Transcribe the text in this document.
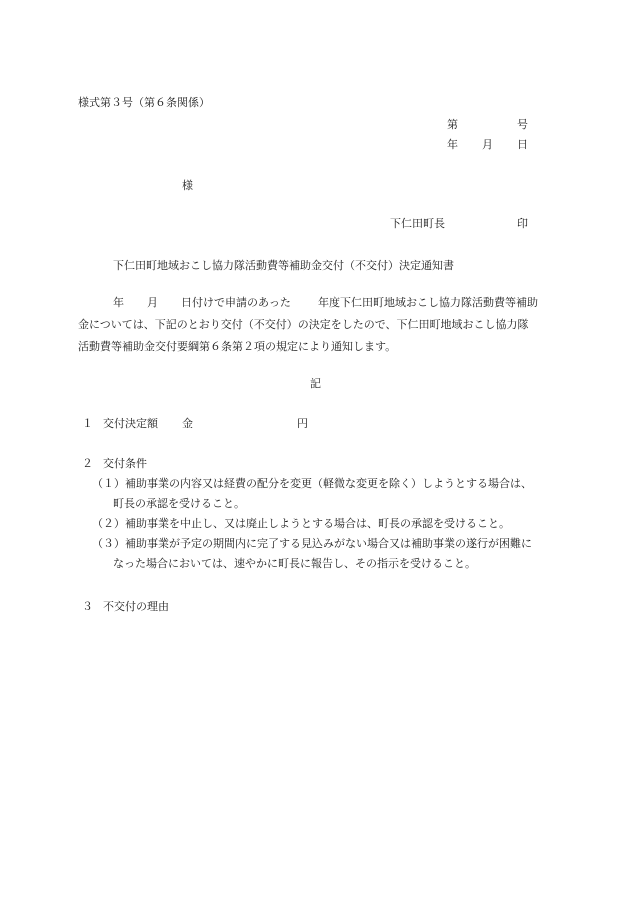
様式第３号（第６条関係）
第	号
年 月 日
様
下仁田町長	印
下仁田町地域おこし協力隊活動費等補助金交付（不交付）決定通知書
年 月 日付けで申請のあった 年度下仁田町地域おこし協力隊活動費等補助
金については、下記のとおり交付（不交付）の決定をしたので、下仁田町地域おこし協力隊
活動費等補助金交付要綱第６条第２項の規定により通知します。
記
１ 交付決定額 金	円
２ 交付条件
（１）補助事業の内容又は経費の配分を変更（軽微な変更を除く）しようとする場合は、
町長の承認を受けること。
（２）補助事業を中止し、又は廃止しようとする場合は、町長の承認を受けること。
（３）補助事業が予定の期間内に完了する見込みがない場合又は補助事業の遂行が困難に
なった場合においては、速やかに町長に報告し、その指示を受けること。
３ 不交付の理由
